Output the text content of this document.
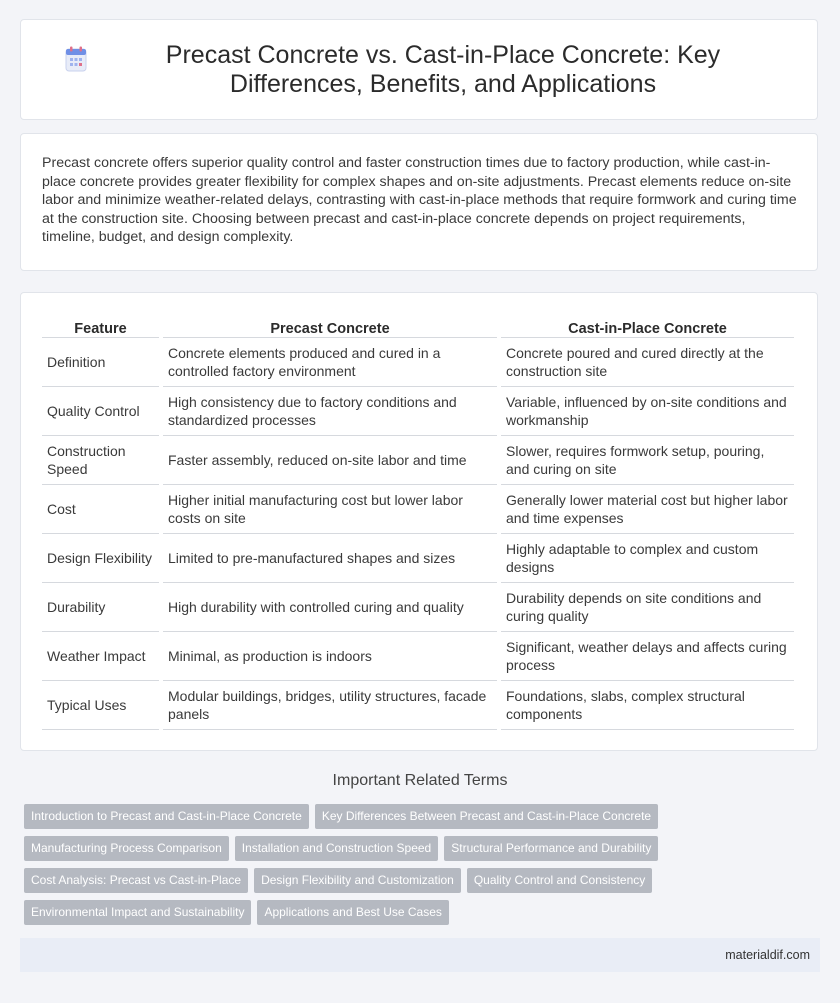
Precast Concrete vs. Cast-in-Place Concrete: Key Differences, Benefits, and Applications

Precast concrete offers superior quality control and faster construction times due to factory production, while cast-in-place concrete provides greater flexibility for complex shapes and on-site adjustments. Precast elements reduce on-site labor and minimize weather-related delays, contrasting with cast-in-place methods that require formwork and curing time at the construction site. Choosing between precast and cast-in-place concrete depends on project requirements, timeline, budget, and design complexity.

Feature	Precast Concrete	Cast-in-Place Concrete
Definition	Concrete elements produced and cured in a controlled factory environment	Concrete poured and cured directly at the construction site
Quality Control	High consistency due to factory conditions and standardized processes	Variable, influenced by on-site conditions and workmanship
Construction Speed	Faster assembly, reduced on-site labor and time	Slower, requires formwork setup, pouring, and curing on site
Cost	Higher initial manufacturing cost but lower labor costs on site	Generally lower material cost but higher labor and time expenses
Design Flexibility	Limited to pre-manufactured shapes and sizes	Highly adaptable to complex and custom designs
Durability	High durability with controlled curing and quality	Durability depends on site conditions and curing quality
Weather Impact	Minimal, as production is indoors	Significant, weather delays and affects curing process
Typical Uses	Modular buildings, bridges, utility structures, facade panels	Foundations, slabs, complex structural components
Important Related Terms
Introduction to Precast and Cast-in-Place Concrete	Key Differences Between Precast and Cast-in-Place Concrete
Manufacturing Process Comparison	Installation and Construction Speed	Structural Performance and Durability
Cost Analysis: Precast vs Cast-in-Place	Design Flexibility and Customization	Quality Control and Consistency
Environmental Impact and Sustainability	Applications and Best Use Cases
materialdif.com
